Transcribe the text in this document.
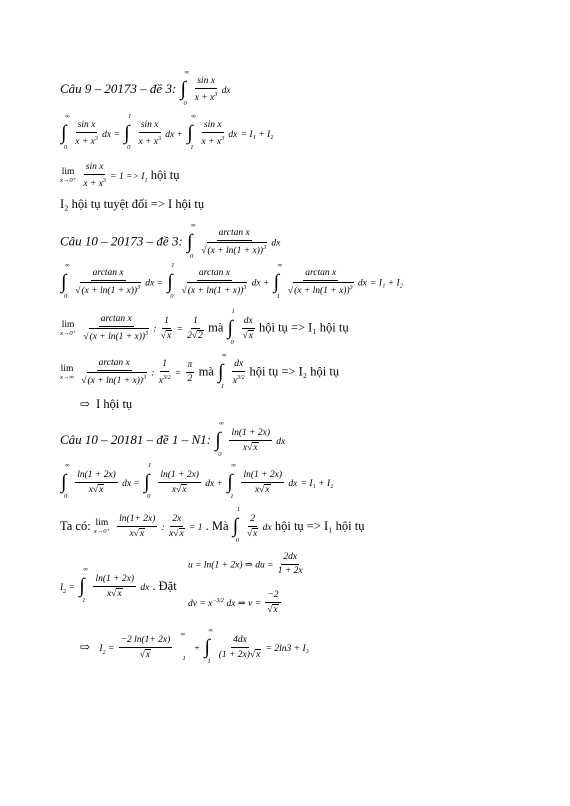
Câu 9 – 20173 – đề 3: ∫
∞
0
$\frac{\text{sin x}}{x + x^3}$ dx
∫
∞
0
$\frac{\text{sin x}}{x + x^3}$ dx = ∫
1
0
$\frac{\text{sin x}}{x + x^3}$ dx + ∫
∞
1
$\frac{\text{sin x}}{x + x^3}$ dx = I₁ + I₂
lim
x→0⁺
$\frac{\text{sin x}}{x + x^3} = 1 => I_1$ hội tụ
I₂ hội tụ tuyệt đối => I hội tụ
Câu 10 – 20173 – đề 3: ∫
∞
0
$\frac{\text{arctan x}}{√(x + \ln(1 + x))^3}$ dx
∫
∞
0
$\frac{\text{arctan x}}{√(x + \ln(1 + x))^3}$ dx = ∫
1
0
$\frac{\text{arctan x}}{√(x + \ln(1 + x))^3}$ dx + ∫
∞
1
$\frac{\text{arctan x}}{√(x + \ln(1 + x))^3}$ dx = I₁ + I₂
lim
x→0⁺
$\frac{\text{arctan x}}{√(x + \ln(1 + x))^3}$ : $\frac{1}{√x} = \frac{1}{2√2}$ mà ∫
1
0

$\frac{dx}{√x}$ hội tụ => I₁ hội tụ
lim
x→∞
$\frac{\text{arctan x}}{√(x + \ln(1 + x))^3}$ : $\frac{1}{x^{3/2}} = \frac{\pi}{2}$ mà ∫
∞
1
$\frac{dx}{x^{3/2}}$ hội tụ => I₂ hội tụ
⇨ I hội tụ
Câu 10 – 20181 – đề 1 – N1: ∫
∞
0

$\frac{\ln(1 + 2x)}{x√x}$ dx
∫
∞
0

$\frac{\ln(1 + 2x)}{x√x}$ dx = ∫
1
0

$\frac{\ln(1 + 2x)}{x√x}$ dx + ∫
∞
1

$\frac{\ln(1 + 2x)}{x√x}$ dx = I₁ + I₂
Ta có: lim
x→0⁺
$\frac{\ln(1+ 2x)}{x√x}$ : $\frac{2x}{x√x} = 1$ . Mà ∫
1
0

$\frac{2}{√x}$ dx hội tụ => I₁ hội tụ
$I_2$ = ∫
∞
1

$\frac{\ln(1 + 2x)}{x√x}$ dx . Đặt
u = ln(1 + 2x) ⇒ du = $\frac{2dx}{1 + 2x}$
dv = $x^{-3/2}$ dx ⇒ $v = \frac{-2}{√x}$
⇨ $I_2 = \frac{-2 \ln(1+ 2x)}{√x}$

∞
1
+ ∫
∞
1

$\frac{4dx}{(1 + 2x)√x} = 2\ln 3 + I_3$
